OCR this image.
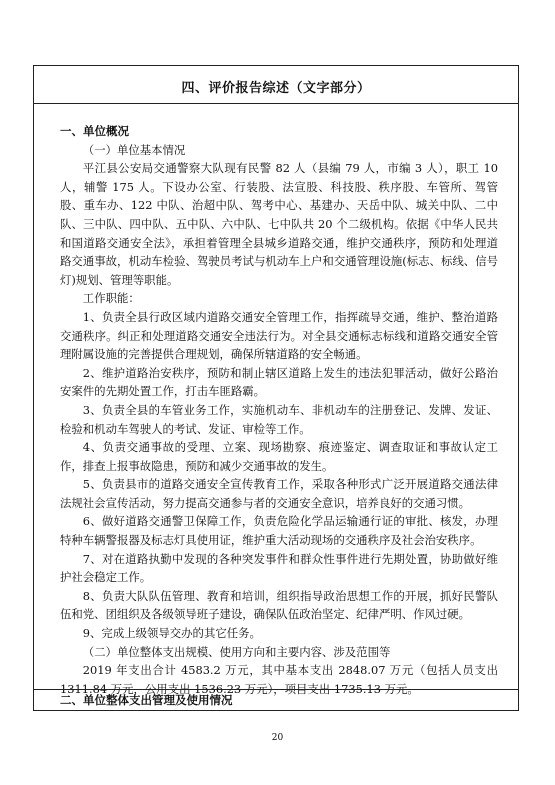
四、评价报告综述（文字部分）

一、单位概况

（一）单位基本情况

平江县公安局交通警察大队现有民警 82 人（县编 79 人，市编 3 人），职工 10 人，辅警 175 人。下设办公室、行装股、法宣股、科技股、秩序股、车管所、驾管股、重车办、122 中队、治超中队、驾考中心、基建办、天岳中队、城关中队、二中队、三中队、四中队、五中队、六中队、七中队共 20 个二级机构。依据《中华人民共和国道路交通安全法》，承担着管理全县城乡道路交通，维护交通秩序，预防和处理道路交通事故，机动车检验、驾驶员考试与机动车上户和交通管理设施(标志、标线、信号灯)规划、管理等职能。

工作职能：

1、负责全县行政区域内道路交通安全管理工作，指挥疏导交通，维护、整治道路交通秩序。纠正和处理道路交通安全违法行为。对全县交通标志标线和道路交通安全管理附属设施的完善提供合理规划，确保所辖道路的安全畅通。

2、维护道路治安秩序，预防和制止辖区道路上发生的违法犯罪活动，做好公路治安案件的先期处置工作，打击车匪路霸。

3、负责全县的车管业务工作，实施机动车、非机动车的注册登记、发牌、发证、检验和机动车驾驶人的考试、发证、审检等工作。

4、负责交通事故的受理、立案、现场勘察、痕迹鉴定、调查取证和事故认定工作，排查上报事故隐患，预防和减少交通事故的发生。

5、负责县市的道路交通安全宣传教育工作，采取各种形式广泛开展道路交通法律法规社会宣传活动，努力提高交通参与者的交通安全意识，培养良好的交通习惯。

6、做好道路交通警卫保障工作，负责危险化学品运输通行证的审批、核发，办理特种车辆警报器及标志灯具使用证，维护重大活动现场的交通秩序及社会治安秩序。

7、对在道路执勤中发现的各种突发事件和群众性事件进行先期处置，协助做好维护社会稳定工作。

8、负责大队队伍管理、教育和培训，组织指导政治思想工作的开展，抓好民警队伍和党、团组织及各级领导班子建设，确保队伍政治坚定、纪律严明、作风过硬。

9、完成上级领导交办的其它任务。

（二）单位整体支出规模、使用方向和主要内容、涉及范围等

2019 年支出合计 4583.2 万元，其中基本支出 2848.07 万元（包括人员支出 1311.84 万元，公用支出 1536.23 万元），项目支出 1735.13 万元。

二、单位整体支出管理及使用情况
20
